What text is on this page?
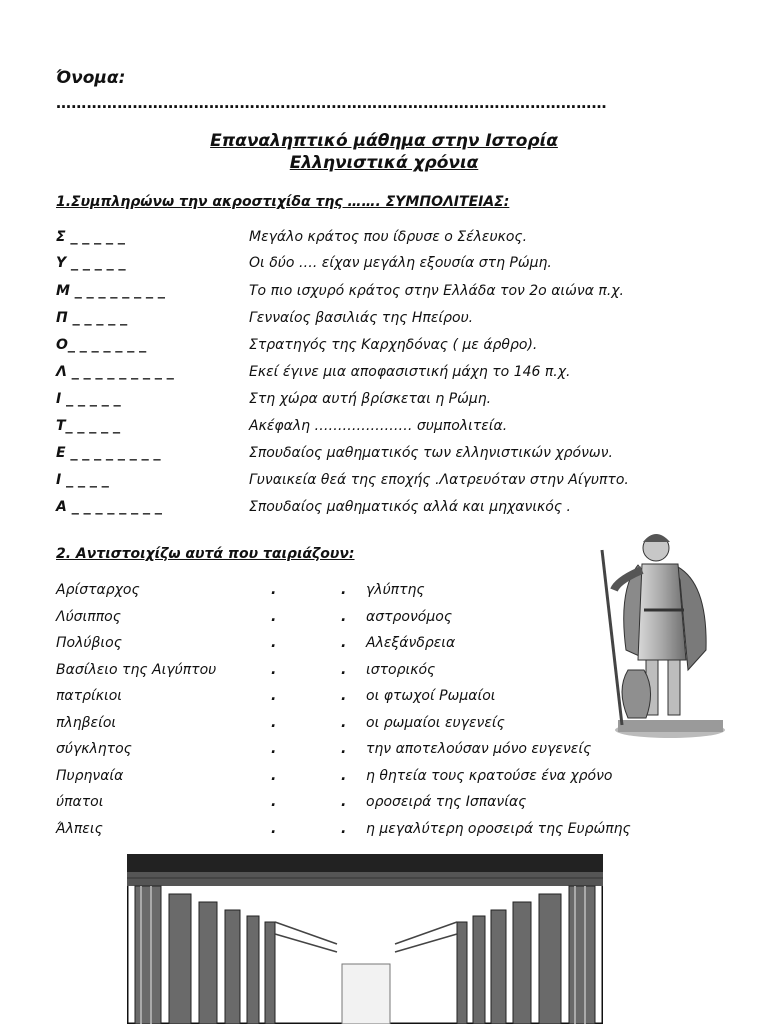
Όνομα:
………………………………………………………………………………………………
Επαναληπτικό μάθημα στην Ιστορία
Ελληνιστικά χρόνια
1.Συμπληρώνω την ακροστιχίδα της ……. ΣΥΜΠΟΛΙΤΕΙΑΣ:
Σ _ _ _ _ _	Μεγάλο κράτος που ίδρυσε ο Σέλευκος.
Υ _ _ _ _ _	Οι δύο …. είχαν μεγάλη εξουσία στη Ρώμη.
Μ _ _ _ _ _ _ _ _	Το πιο ισχυρό κράτος στην Ελλάδα τον 2ο αιώνα π.χ.
Π _ _ _ _ _	Γενναίος βασιλιάς της Ηπείρου.
Ο_ _ _ _ _ _ _	Στρατηγός της Καρχηδόνας ( με άρθρο).
Λ _ _ _ _ _ _ _ _ _	Εκεί έγινε μια αποφασιστική μάχη το 146 π.χ.
Ι _ _ _ _ _	Στη χώρα αυτή βρίσκεται η Ρώμη.
Τ_ _ _ _ _	Ακέφαλη ………………… συμπολιτεία.
Ε _ _ _ _ _ _ _ _	Σπουδαίος μαθηματικός των ελληνιστικών χρόνων.
Ι _ _ _ _	Γυναικεία θεά της εποχής .Λατρευόταν στην Αίγυπτο.
Α _ _ _ _ _ _ _ _	Σπουδαίος μαθηματικός αλλά και μηχανικός .
2. Αντιστοιχίζω αυτά που ταιριάζουν:
Αρίσταρχος	.	. γλύπτης
Λύσιππος	.	. αστρονόμος
Πολύβιος	.	. Αλεξάνδρεια
Βασίλειο της Αιγύπτου	.	. ιστορικός
πατρίκιοι	.	. οι φτωχοί Ρωμαίοι
πληβείοι	.	. οι ρωμαίοι ευγενείς
σύγκλητος	.	. την αποτελούσαν μόνο ευγενείς
Πυρηναία	.	. η θητεία τους κρατούσε ένα χρόνο
ύπατοι	.	. οροσειρά της Ισπανίας
Άλπεις	.	. η μεγαλύτερη οροσειρά της Ευρώπης
